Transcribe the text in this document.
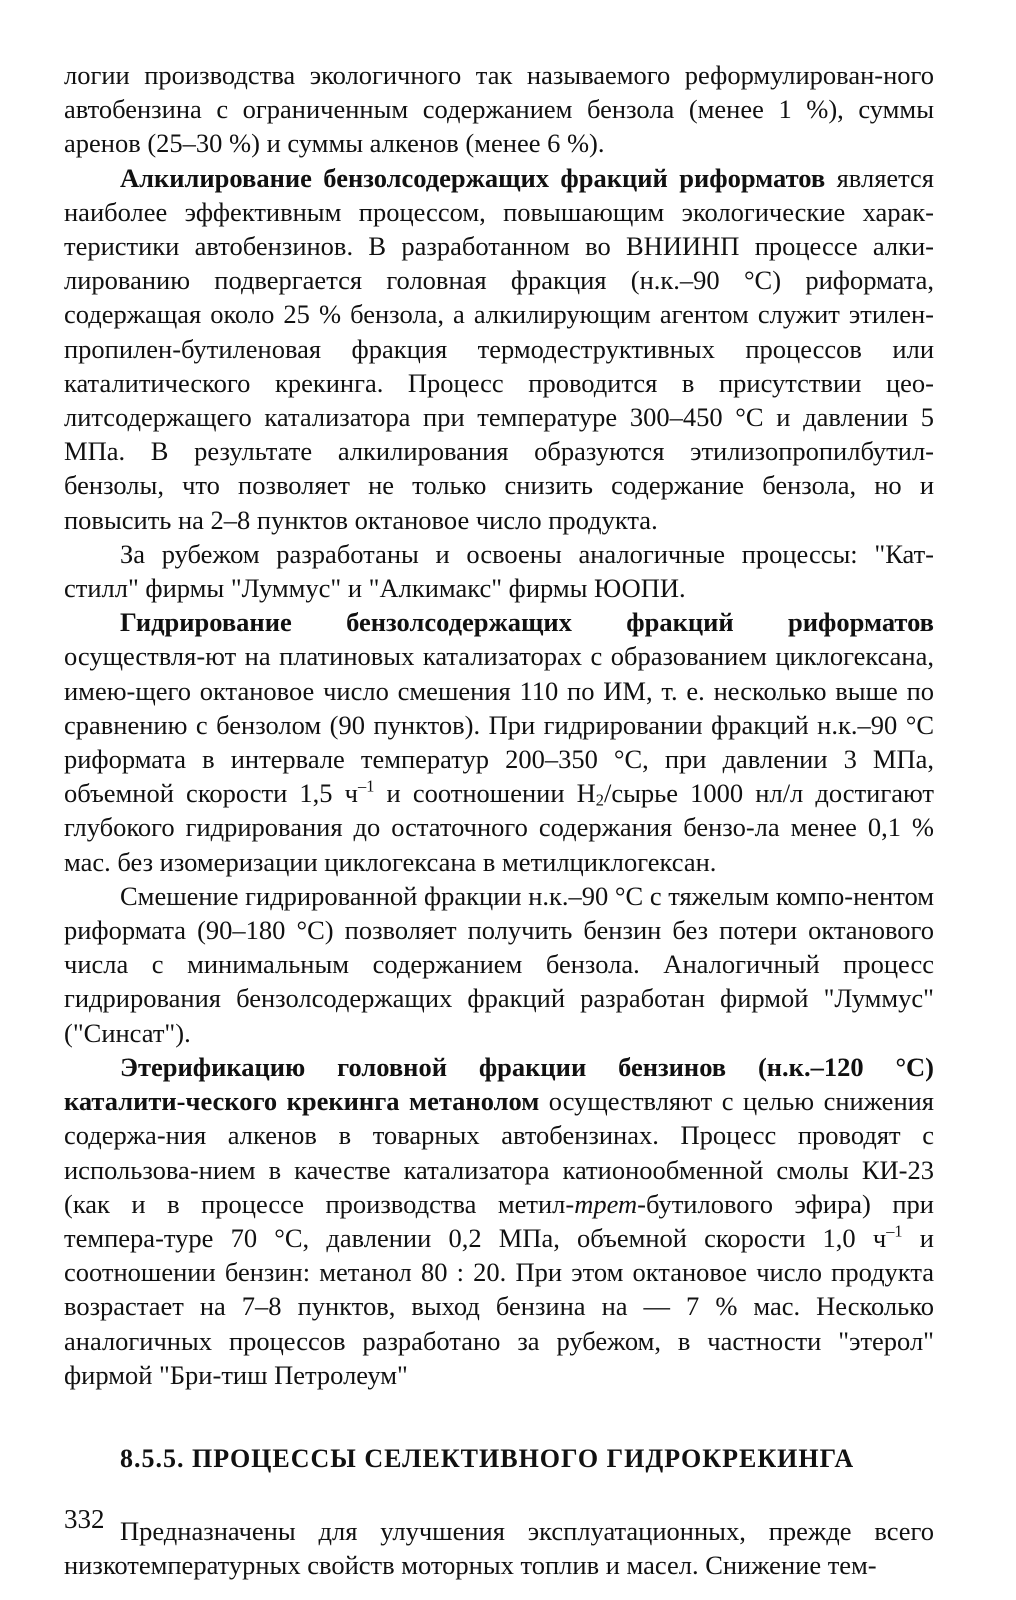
логии производства экологичного так называемого реформулирован-ного автобензина с ограниченным содержанием бензола (менее 1 %), суммы аренов (25–30 %) и суммы алкенов (менее 6 %).

Алкилирование бензолсодержащих фракций риформатов является наиболее эффективным процессом, повышающим экологические харак-теристики автобензинов. В разработанном во ВНИИНП процессе алки-лированию подвергается головная фракция (н.к.–90 °С) риформата, содержащая около 25 % бензола, а алкилирующим агентом служит этилен-пропилен-бутиленовая фракция термодеструктивных процессов или каталитического крекинга. Процесс проводится в присутствии цео-литсодержащего катализатора при температуре 300–450 °С и давлении 5 МПа. В результате алкилирования образуются этилизопропилбутил-бензолы, что позволяет не только снизить содержание бензола, но и повысить на 2–8 пунктов октановое число продукта.

За рубежом разработаны и освоены аналогичные процессы: "Кат-стилл" фирмы "Луммус" и "Алкимакс" фирмы ЮОПИ.

Гидрирование бензолсодержащих фракций риформатов осуществля-ют на платиновых катализаторах с образованием циклогексана, имею-щего октановое число смешения 110 по ИМ, т. е. несколько выше по сравнению с бензолом (90 пунктов). При гидрировании фракций н.к.–90 °С риформата в интервале температур 200–350 °С, при давлении 3 МПа, объемной скорости 1,5 $ч^{-1}$ и соотношении $Н_2$/сырье 1000 нл/л достигают глубокого гидрирования до остаточного содержания бензо-ла менее 0,1 % мас. без изомеризации циклогексана в метилциклогексан.

Смешение гидрированной фракции н.к.–90 °С с тяжелым компо-нентом риформата (90–180 °С) позволяет получить бензин без потери октанового числа с минимальным содержанием бензола. Аналогичный процесс гидрирования бензолсодержащих фракций разработан фирмой "Луммус" ("Синсат").

Этерификацию головной фракции бензинов (н.к.–120 °С) каталити-ческого крекинга метанолом осуществляют с целью снижения содержа-ния алкенов в товарных автобензинах. Процесс проводят с использова-нием в качестве катализатора катионообменной смолы КИ-23 (как и в процессе производства метил-трет-бутилового эфира) при темпера-туре 70 °С, давлении 0,2 МПа, объемной скорости 1,0 $ч^{-1}$ и соотношении бензин: метанол 80 : 20. При этом октановое число продукта возрастает на 7–8 пунктов, выход бензина на — 7 % мас. Несколько аналогичных процессов разработано за рубежом, в частности "этерол" фирмой "Бри-тиш Петролеум"

8.5.5. ПРОЦЕССЫ СЕЛЕКТИВНОГО ГИДРОКРЕКИНГА

Предназначены для улучшения эксплуатационных, прежде всего низкотемпературных свойств моторных топлив и масел. Снижение тем-

332
